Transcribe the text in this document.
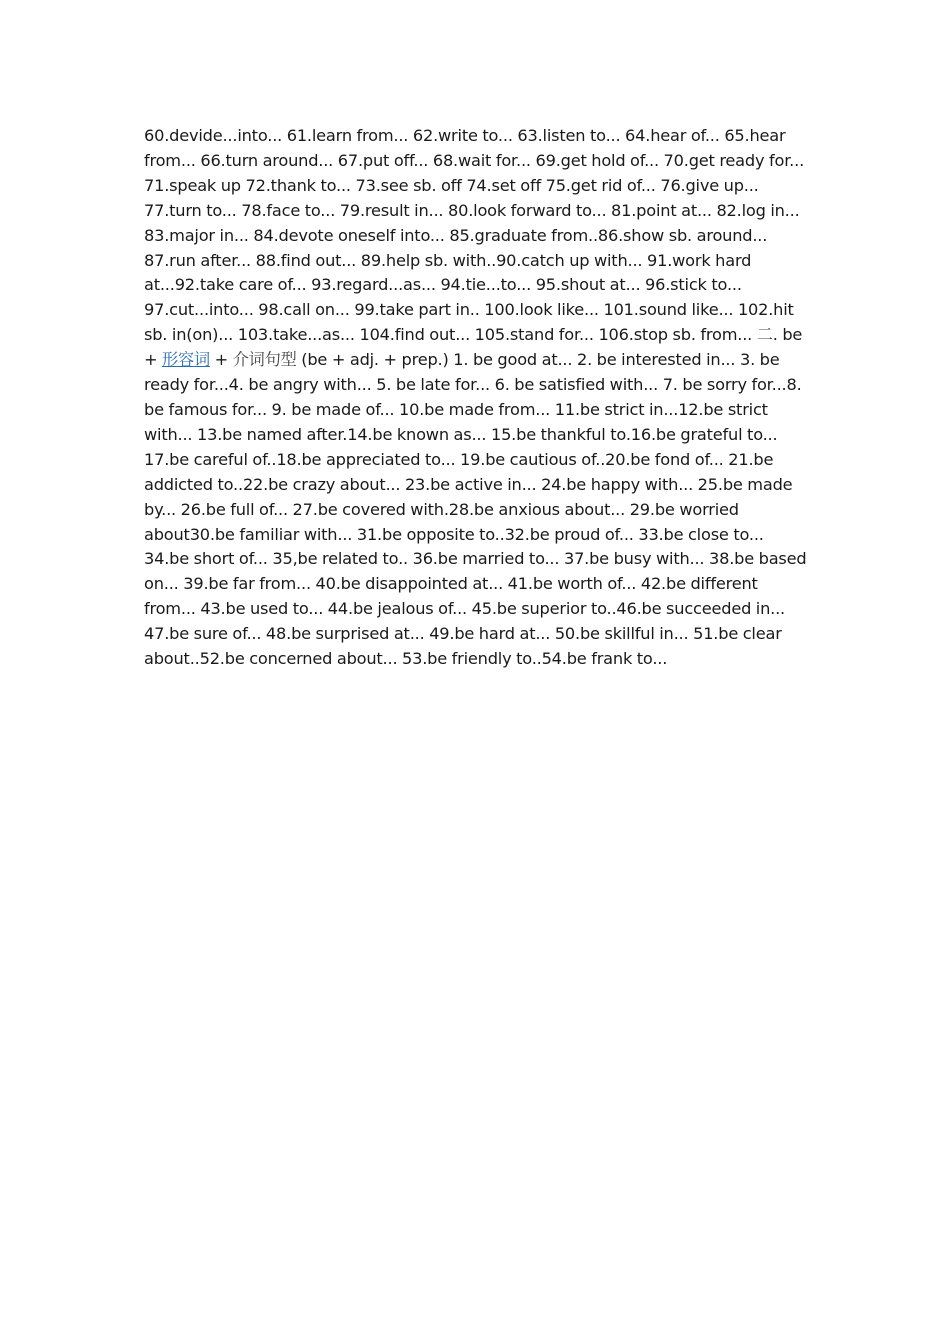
60.devide...into... 61.learn from... 62.write to... 63.listen to... 64.hear of... 65.hear from... 66.turn around... 67.put off... 68.wait for... 69.get hold of... 70.get ready for... 71.speak up 72.thank to... 73.see sb. off 74.set off 75.get rid of... 76.give up... 77.turn to... 78.face to... 79.result in... 80.look forward to... 81.point at... 82.log in... 83.major in... 84.devote oneself into... 85.graduate from..86.show sb. around... 87.run after... 88.find out... 89.help sb. with..90.catch up with... 91.work hard at...92.take care of... 93.regard...as... 94.tie...to... 95.shout at... 96.stick to... 97.cut...into... 98.call on... 99.take part in.. 100.look like... 101.sound like... 102.hit sb. in(on)... 103.take...as... 104.find out... 105.stand for... 106.stop sb. from... 二. be + 形容词 + 介词句型 (be + adj. + prep.) 1. be good at... 2. be interested in... 3. be ready for...4. be angry with... 5. be late for... 6. be satisfied with... 7. be sorry for...8. be famous for... 9. be made of... 10.be made from... 11.be strict in...12.be strict with... 13.be named after.14.be known as... 15.be thankful to.16.be grateful to... 17.be careful of..18.be appreciated to... 19.be cautious of..20.be fond of... 21.be addicted to..22.be crazy about... 23.be active in... 24.be happy with... 25.be made by... 26.be full of... 27.be covered with.28.be anxious about... 29.be worried about30.be familiar with... 31.be opposite to..32.be proud of... 33.be close to... 34.be short of... 35,be related to.. 36.be married to... 37.be busy with... 38.be based on... 39.be far from... 40.be disappointed at... 41.be worth of... 42.be different from... 43.be used to... 44.be jealous of... 45.be superior to..46.be succeeded in... 47.be sure of... 48.be surprised at... 49.be hard at... 50.be skillful in... 51.be clear about..52.be concerned about... 53.be friendly to..54.be frank to...
